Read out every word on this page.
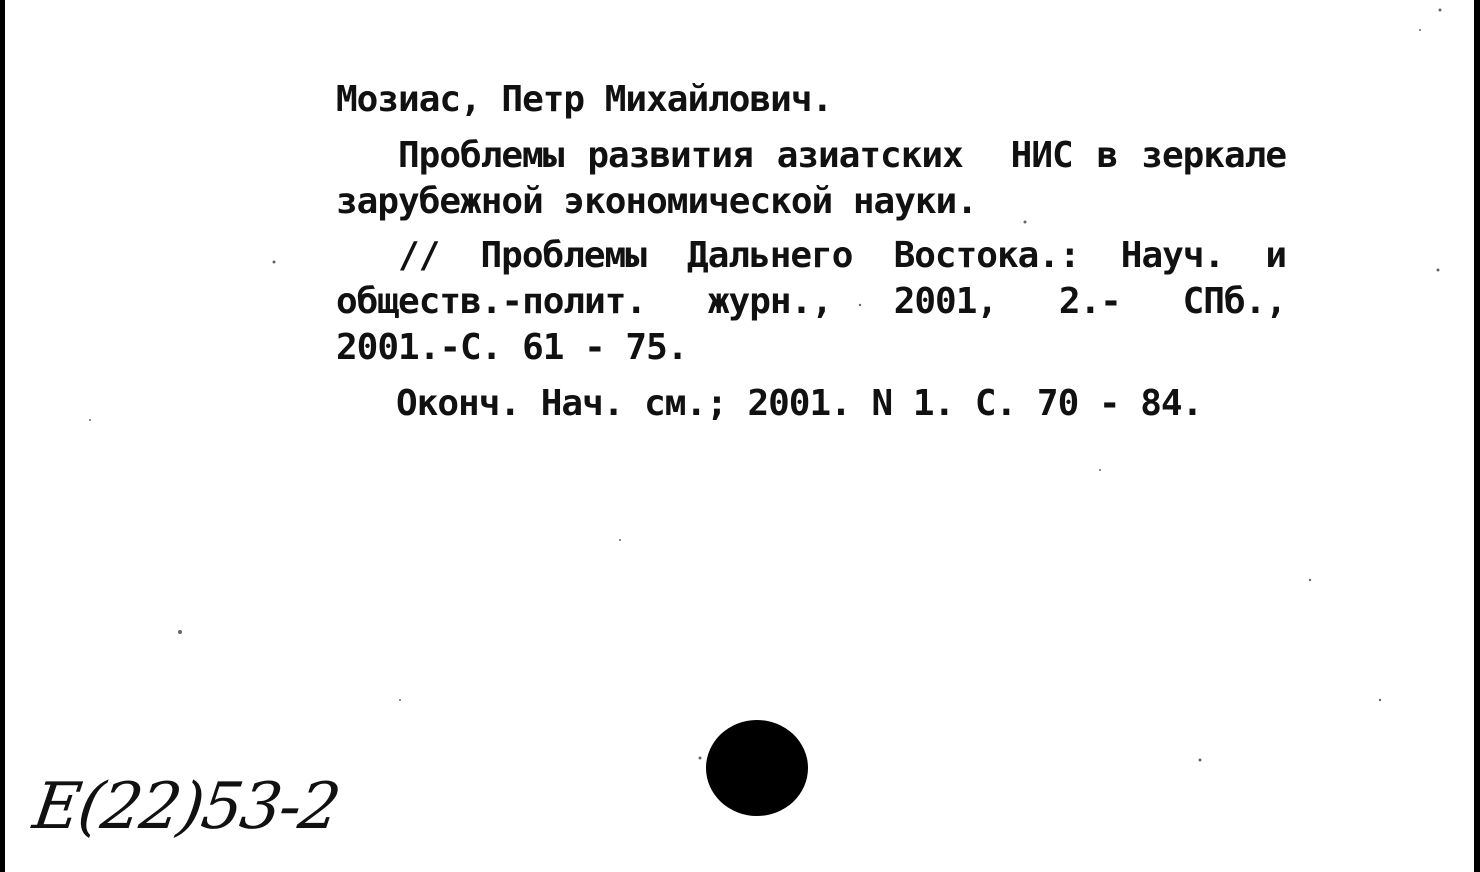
Мозиас, Петр Михайлович.
Проблемы развития азиатских  НИС в зеркале
зарубежной экономической науки.
// Проблемы Дальнего Востока.: Науч. и
обществ.-полит. журн., 2001, 2.- СПб.,
2001.-С. 61 - 75.
Оконч. Нач. см.; 2001. N 1. С. 70 - 84.
E(22)53-2
